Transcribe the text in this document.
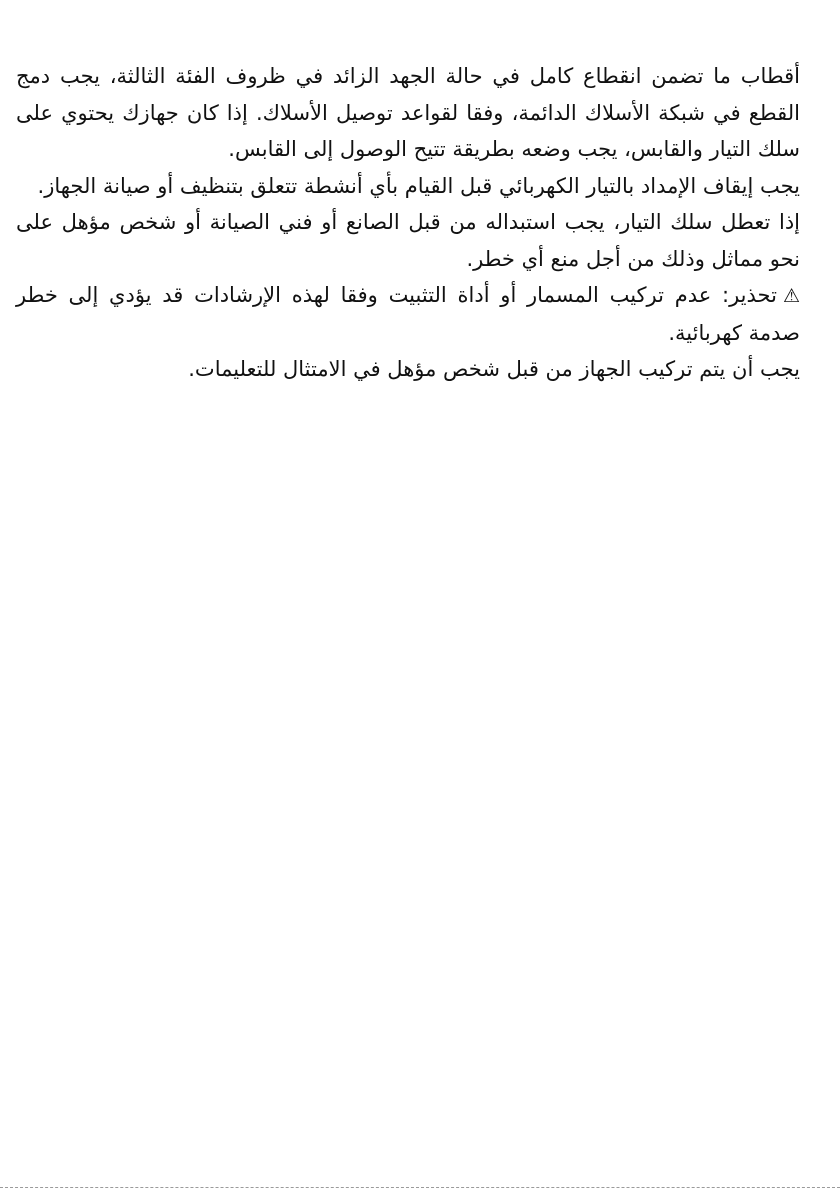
أقطاب ما تضمن انقطاع كامل في حالة الجهد الزائد في ظروف الفئة الثالثة، يجب دمج القطع في شبكة الأسلاك الدائمة، وفقا لقواعد توصيل الأسلاك. إذا كان جهازك يحتوي على سلك التيار والقابس، يجب وضعه بطريقة تتيح الوصول إلى القابس.

يجب إيقاف الإمداد بالتيار الكهربائي قبل القيام بأي أنشطة تتعلق بتنظيف أو صيانة الجهاز.

إذا تعطل سلك التيار، يجب استبداله من قبل الصانع أو فني الصيانة أو شخص مؤهل على نحو مماثل وذلك من أجل منع أي خطر.

⚠تحذير: عدم تركيب المسمار أو أداة التثبيت وفقا لهذه الإرشادات قد يؤدي إلى خطر صدمة كهربائية.

يجب أن يتم تركيب الجهاز من قبل شخص مؤهل في الامتثال للتعليمات.
